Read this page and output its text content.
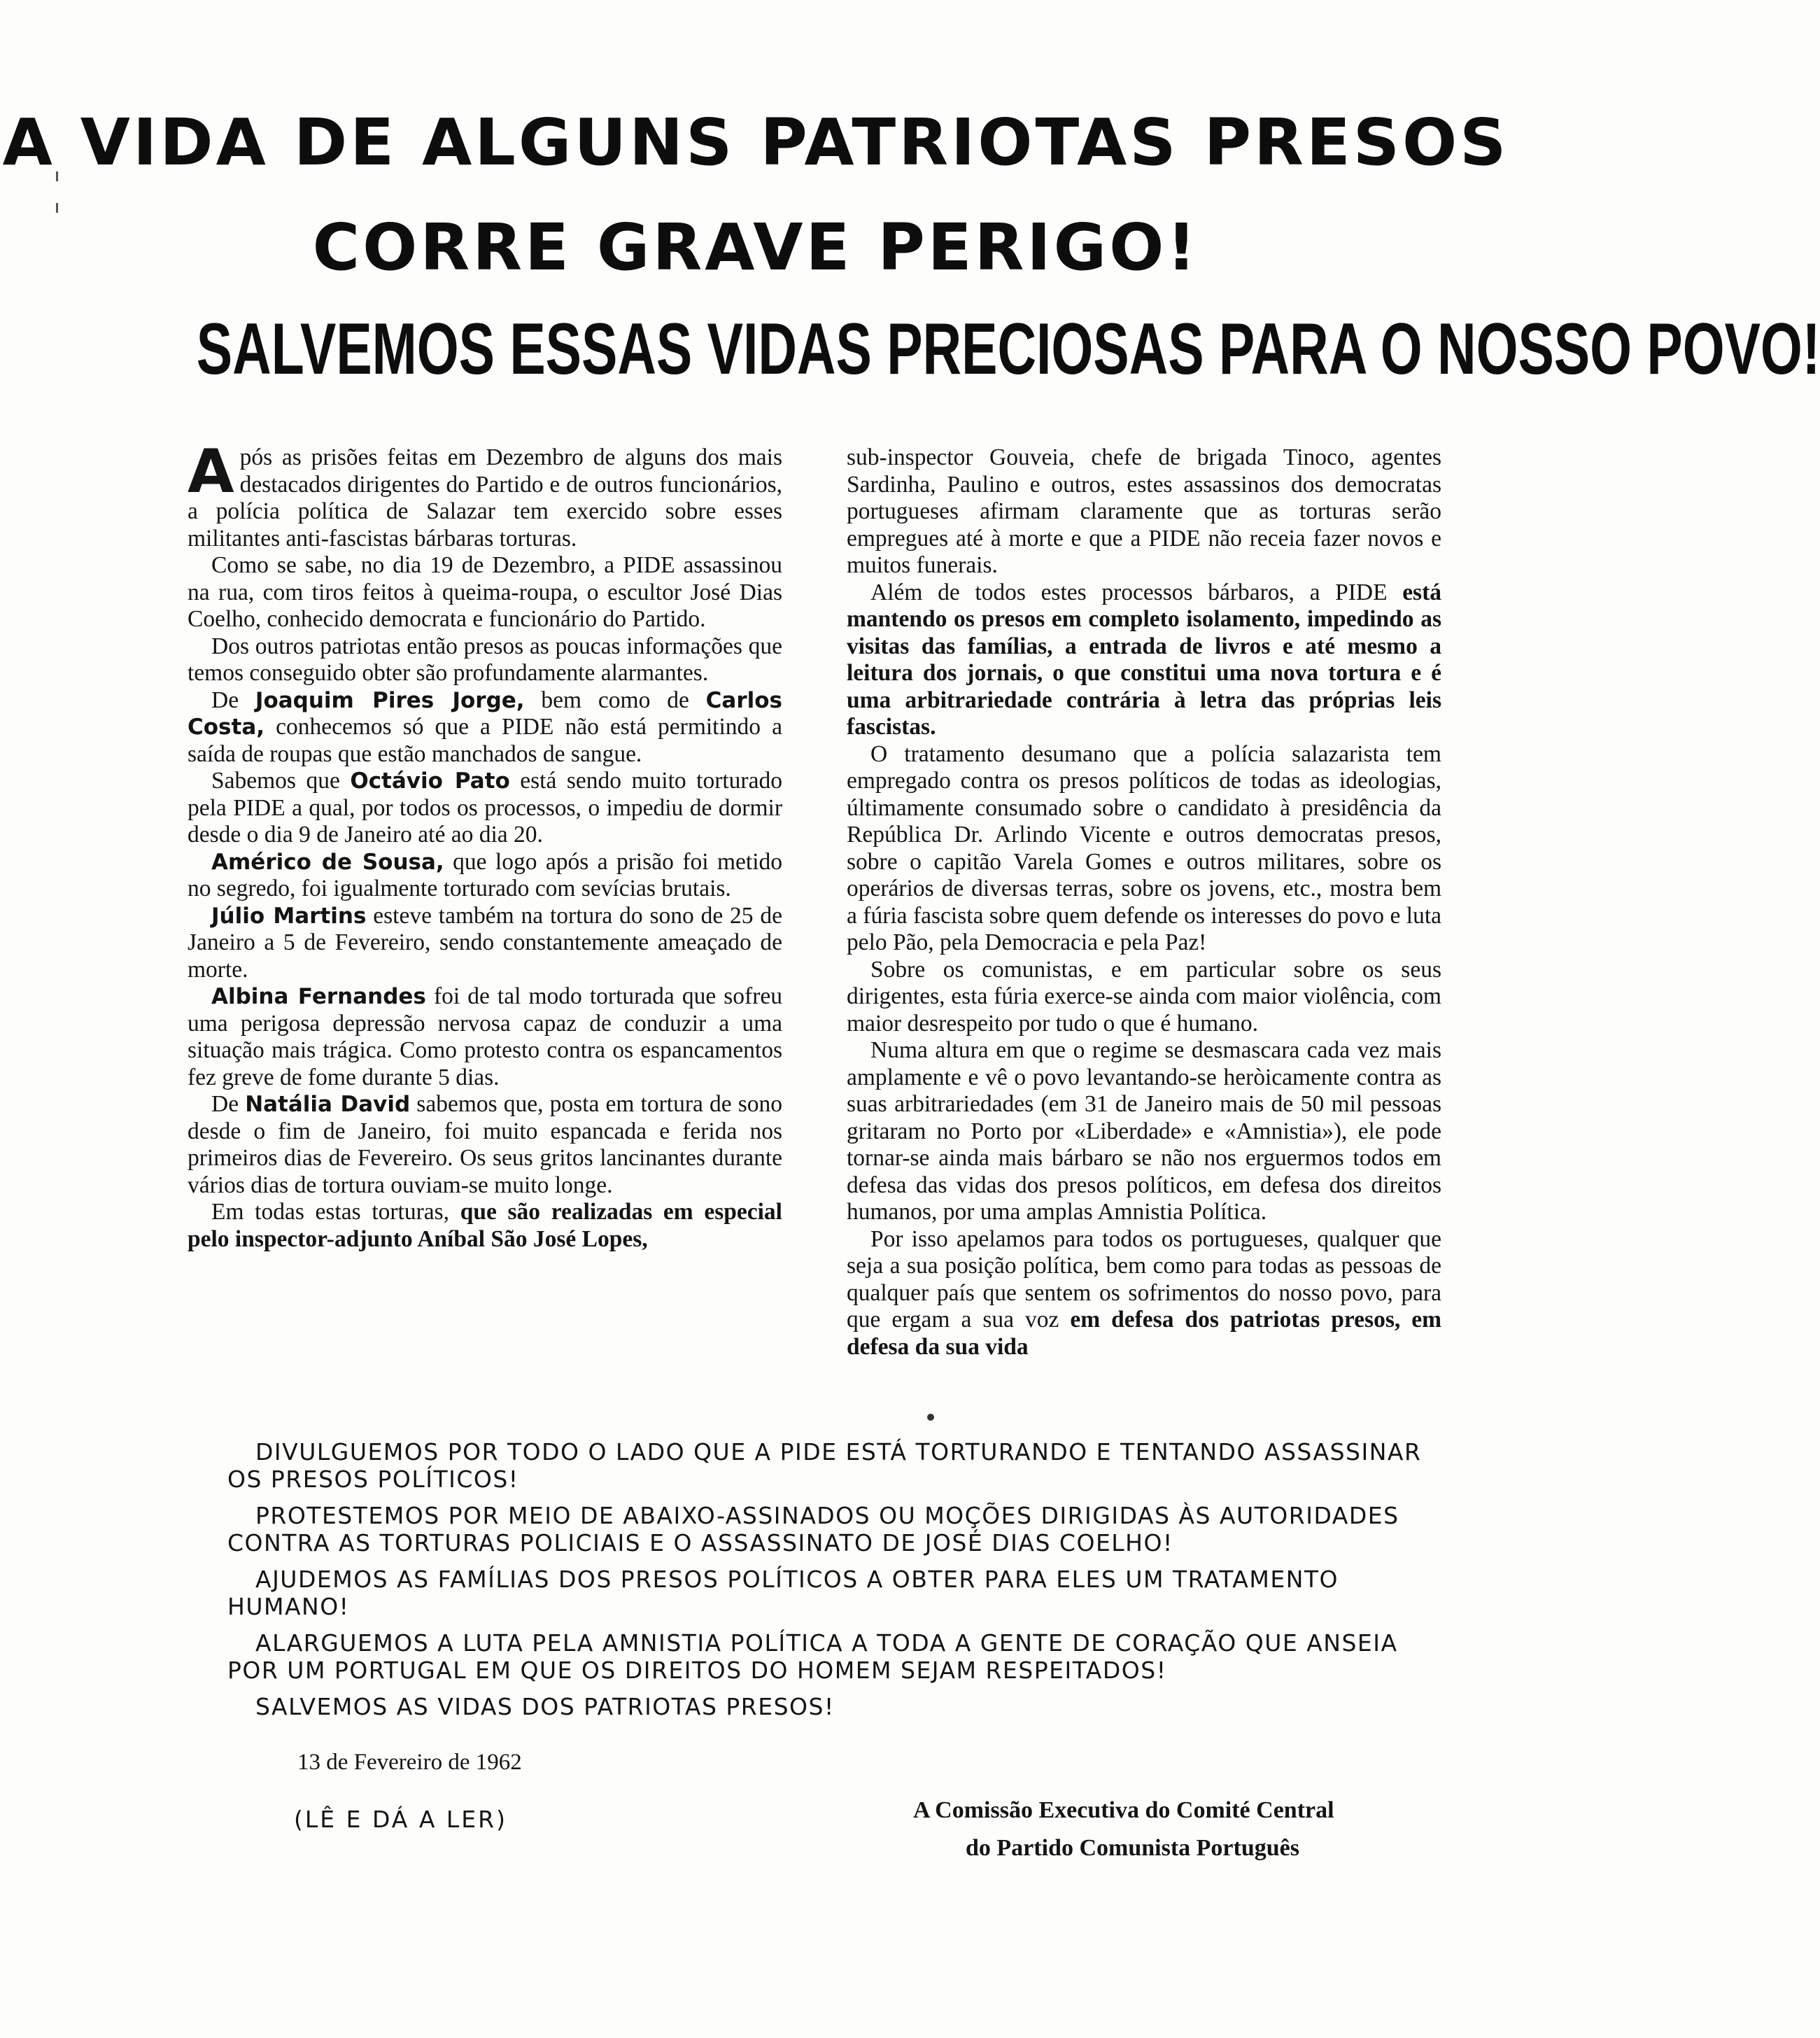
A VIDA DE ALGUNS PATRIOTAS PRESOS
CORRE GRAVE PERIGO!
SALVEMOS ESSAS VIDAS PRECIOSAS PARA O NOSSO POVO!

Após as prisões feitas em Dezembro de alguns dos mais destacados dirigentes do Partido e de outros funcionários, a polícia política de Salazar tem exercido sobre esses militantes anti-fascistas bárbaras torturas.

Como se sabe, no dia 19 de Dezembro, a PIDE assassinou na rua, com tiros feitos à queima-roupa, o escultor José Dias Coelho, conhecido democrata e funcionário do Partido.

Dos outros patriotas então presos as poucas informações que temos conseguido obter são profundamente alarmantes.

De Joaquim Pires Jorge, bem como de Carlos Costa, conhecemos só que a PIDE não está permitindo a saída de roupas que estão manchados de sangue.

Sabemos que Octávio Pato está sendo muito torturado pela PIDE a qual, por todos os processos, o impediu de dormir desde o dia 9 de Janeiro até ao dia 20.

Américo de Sousa, que logo após a prisão foi metido no segredo, foi igualmente torturado com sevícias brutais.

Júlio Martins esteve também na tortura do sono de 25 de Janeiro a 5 de Fevereiro, sendo constantemente ameaçado de morte.

Albina Fernandes foi de tal modo torturada que sofreu uma perigosa depressão nervosa capaz de conduzir a uma situação mais trágica. Como protesto contra os espancamentos fez greve de fome durante 5 dias.

De Natália David sabemos que, posta em tortura de sono desde o fim de Janeiro, foi muito espancada e ferida nos primeiros dias de Fevereiro. Os seus gritos lancinantes durante vários dias de tortura ouviam-se muito longe.

Em todas estas torturas, que são realizadas em especial pelo inspector-adjunto Aníbal São José Lopes,

sub-inspector Gouveia, chefe de brigada Tinoco, agentes Sardinha, Paulino e outros, estes assassinos dos democratas portugueses afirmam claramente que as torturas serão empregues até à morte e que a PIDE não receia fazer novos e muitos funerais.

Além de todos estes processos bárbaros, a PIDE está mantendo os presos em completo isolamento, impedindo as visitas das famílias, a entrada de livros e até mesmo a leitura dos jornais, o que constitui uma nova tortura e é uma arbitrariedade contrária à letra das próprias leis fascistas.

O tratamento desumano que a polícia salazarista tem empregado contra os presos políticos de todas as ideologias, últimamente consumado sobre o candidato à presidência da República Dr. Arlindo Vicente e outros democratas presos, sobre o capitão Varela Gomes e outros militares, sobre os operários de diversas terras, sobre os jovens, etc., mostra bem a fúria fascista sobre quem defende os interesses do povo e luta pelo Pão, pela Democracia e pela Paz!

Sobre os comunistas, e em particular sobre os seus dirigentes, esta fúria exerce-se ainda com maior violência, com maior desrespeito por tudo o que é humano.

Numa altura em que o regime se desmascara cada vez mais amplamente e vê o povo levantando-se heròicamente contra as suas arbitrariedades (em 31 de Janeiro mais de 50 mil pessoas gritaram no Porto por «Liberdade» e «Amnistia»), ele pode tornar-se ainda mais bárbaro se não nos erguermos todos em defesa das vidas dos presos políticos, em defesa dos direitos humanos, por uma amplas Amnistia Política.

Por isso apelamos para todos os portugueses, qualquer que seja a sua posição política, bem como para todas as pessoas de qualquer país que sentem os sofrimentos do nosso povo, para que ergam a sua voz em defesa dos patriotas presos, em defesa da sua vida

DIVULGUEMOS POR TODO O LADO QUE A PIDE ESTÁ TORTURANDO E TENTANDO ASSASSINAR OS PRESOS POLÍTICOS!

PROTESTEMOS POR MEIO DE ABAIXO-ASSINADOS OU MOÇÕES DIRIGIDAS ÀS AUTORIDADES CONTRA AS TORTURAS POLICIAIS E O ASSASSINATO DE JOSÉ DIAS COELHO!

AJUDEMOS AS FAMÍLIAS DOS PRESOS POLÍTICOS A OBTER PARA ELES UM TRATAMENTO HUMANO!

ALARGUEMOS A LUTA PELA AMNISTIA POLÍTICA A TODA A GENTE DE CORAÇÃO QUE ANSEIA POR UM PORTUGAL EM QUE OS DIREITOS DO HOMEM SEJAM RESPEITADOS!

SALVEMOS AS VIDAS DOS PATRIOTAS PRESOS!

13 de Fevereiro de 1962
(LÊ E DÁ A LER)	A Comissão Executiva do Comité Central
do Partido Comunista Português
